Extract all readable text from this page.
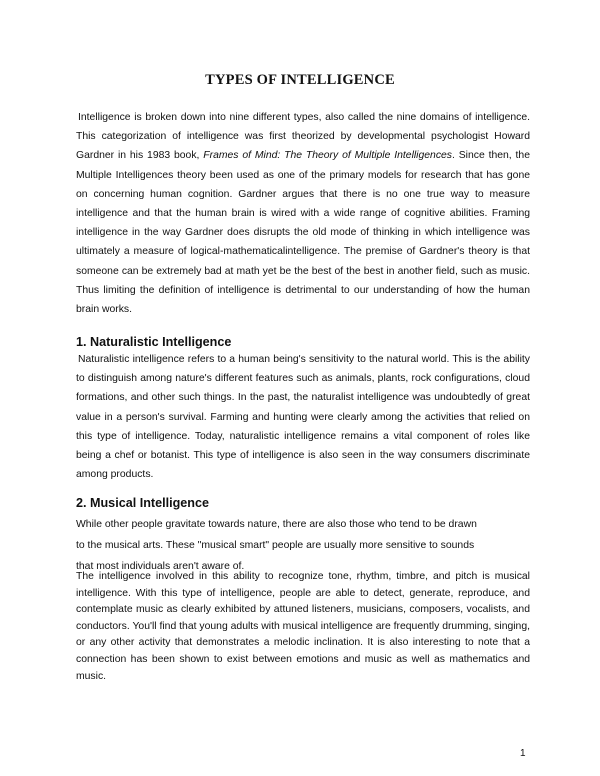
TYPES OF INTELLIGENCE

Intelligence is broken down into nine different types, also called the nine domains of intelligence. This categorization of intelligence was first theorized by developmental psychologist Howard Gardner in his 1983 book, Frames of Mind: The Theory of Multiple Intelligences. Since then, the Multiple Intelligences theory been used as one of the primary models for research that has gone on concerning human cognition. Gardner argues that there is no one true way to measure intelligence and that the human brain is wired with a wide range of cognitive abilities. Framing intelligence in the way Gardner does disrupts the old mode of thinking in which intelligence was ultimately a measure of logical-mathematicalintelligence. The premise of Gardner's theory is that someone can be extremely bad at math yet be the best of the best in another field, such as music. Thus limiting the definition of intelligence is detrimental to our understanding of how the human brain works.

1. Naturalistic Intelligence

Naturalistic intelligence refers to a human being's sensitivity to the natural world. This is the ability to distinguish among nature's different features such as animals, plants, rock configurations, cloud formations, and other such things. In the past, the naturalist intelligence was undoubtedly of great value in a person's survival. Farming and hunting were clearly among the activities that relied on this type of intelligence. Today, naturalistic intelligence remains a vital component of roles like being a chef or botanist. This type of intelligence is also seen in the way consumers discriminate among products.

2. Musical Intelligence
While other people gravitate towards nature, there are also those who tend to be drawn
to the musical arts. These "musical smart" people are usually more sensitive to sounds
that most individuals aren't aware of.

The intelligence involved in this ability to recognize tone, rhythm, timbre, and pitch is musical intelligence. With this type of intelligence, people are able to detect, generate, reproduce, and contemplate music as clearly exhibited by attuned listeners, musicians, composers, vocalists, and conductors. You'll find that young adults with musical intelligence are frequently drumming, singing, or any other activity that demonstrates a melodic inclination. It is also interesting to note that a connection has been shown to exist between emotions and music as well as mathematics and music.

1
